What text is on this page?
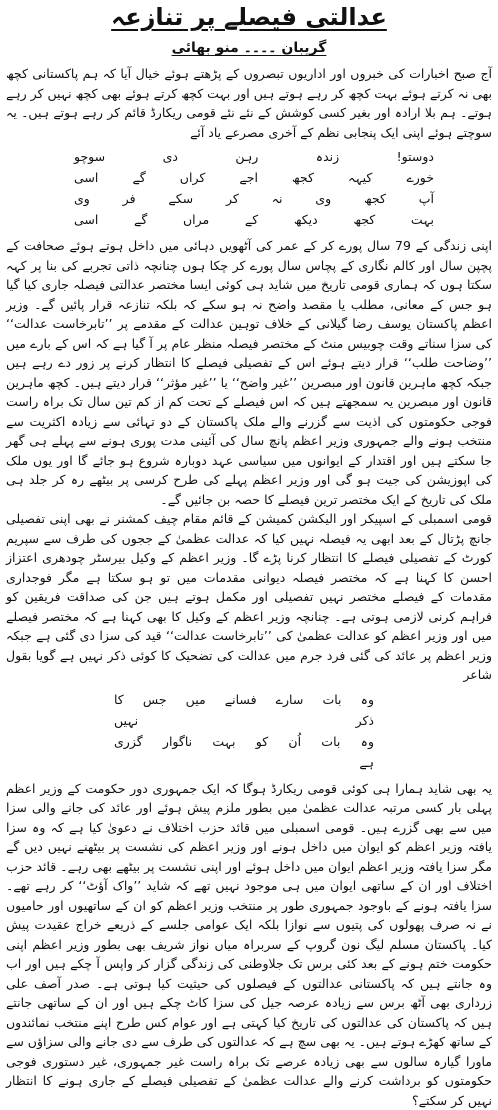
عدالتی فیصلے پر تنازعہ
گریبان ۔۔۔۔ منو بھائی

آج صبح اخبارات کی خبروں اور اداریوں تبصروں کے پڑھتے ہوئے خیال آیا کہ ہم پاکستانی کچھ بھی نہ کرتے ہوئے بہت کچھ کر رہے ہوتے ہیں اور بہت کچھ کرتے ہوئے بھی کچھ نہیں کر رہے ہوتے۔ ہم بلا ارادہ اور بغیر کسی کوشش کے نئے نئے قومی ریکارڈ قائم کر رہے ہوتے ہیں۔ یہ سوچتے ہوئے اپنی ایک پنجابی نظم کے آخری مصرعے یاد آئے

دوستو! زندہ رہن دی سوچو
خورے کیہہ کجھ اجے کراں گے اسی
آپ کجھ وی نہ کر سکے فر وی
بہت کجھ دیکھ کے مراں گے اسی

اپنی زندگی کے 79 سال پورے کر کے عمر کی آٹھویں دہائی میں داخل ہوتے ہوئے صحافت کے پچپن سال اور کالم نگاری کے پچاس سال پورے کر چکا ہوں چنانچہ ذاتی تجربے کی بنا پر کہہ سکتا ہوں کہ ہماری قومی تاریخ میں شاید ہی کوئی ایسا مختصر عدالتی فیصلہ جاری کیا گیا ہو جس کے معانی، مطلب یا مقصد واضح نہ ہو سکے کہ بلکہ تنازعہ قرار پائیں گے۔ وزیر اعظم پاکستان یوسف رضا گیلانی کے خلاف توہین عدالت کے مقدمے پر ’’تابرخاست عدالت‘‘ کی سزا سناتے وقت چوبیس منٹ کے مختصر فیصلہ منظر عام پر آ گیا ہے کہ اس کے بارے میں ’’وضاحت طلب‘‘ قرار دیتے ہوئے اس کے تفصیلی فیصلے کا انتظار کرنے پر زور دے رہے ہیں جبکہ کچھ ماہرین قانون اور مبصرین ’’غیر واضح‘‘ یا ’’غیر مؤثر‘‘ قرار دیتے ہیں۔ کچھ ماہرین قانون اور مبصرین یہ سمجھتے ہیں کہ اس فیصلے کے تحت کم از کم تین سال تک براہ راست فوجی حکومتوں کی اذیت سے گزرنے والے ملک پاکستان کے دو تہائی سے زیادہ اکثریت سے منتخب ہونے والے جمہوری وزیر اعظم پانچ سال کی آئینی مدت پوری ہونے سے پہلے ہی گھر جا سکتے ہیں اور اقتدار کے ایوانوں میں سیاسی عہد دوبارہ شروع ہو جائے گا اور یوں ملک کی اپوزیشن کی جیت ہو گی اور وزیر اعظم پہلے کی طرح کرسی پر بیٹھے رہ کر جلد ہی ملک کی تاریخ کے ایک مختصر ترین فیصلے کا حصہ بن جائیں گے۔

قومی اسمبلی کے اسپیکر اور الیکشن کمیشن کے قائم مقام چیف کمشنر نے بھی اپنی تفصیلی جانچ پڑتال کے بعد ابھی یہ فیصلہ نہیں کیا کہ عدالت عظمیٰ کے ججوں کی طرف سے سپریم کورٹ کے تفصیلی فیصلے کا انتظار کرنا پڑے گا۔ وزیر اعظم کے وکیل بیرسٹر چودھری اعتزاز احسن کا کہنا ہے کہ مختصر فیصلہ دیوانی مقدمات میں تو ہو سکتا ہے مگر فوجداری مقدمات کے فیصلے مختصر نہیں تفصیلی اور مکمل ہوتے ہیں جن کی صداقت فریقین کو فراہم کرنی لازمی ہوتی ہے۔ چنانچہ وزیر اعظم کے وکیل کا بھی کہنا ہے کہ مختصر فیصلے میں اور وزیر اعظم کو عدالت عظمیٰ کی ’’تابرخاست عدالت‘‘ قید کی سزا دی گئی ہے جبکہ وزیر اعظم پر عائد کی گئی فرد جرم میں عدالت کی تضحیک کا کوئی ذکر نہیں ہے گویا بقول شاعر

وہ بات سارے فسانے میں جس کا ذکر نہیں
وہ بات اُن کو بہت ناگوار گزری ہے

یہ بھی شاید ہمارا ہی کوئی قومی ریکارڈ ہوگا کہ ایک جمہوری دور حکومت کے وزیر اعظم پہلی بار کسی مرتبہ عدالت عظمیٰ میں بطور ملزم پیش ہوئے اور عائد کی جانے والی سزا میں سے بھی گزرے ہیں۔ قومی اسمبلی میں قائد حزب اختلاف نے دعویٰ کیا ہے کہ وہ سزا یافتہ وزیر اعظم کو ایوان میں داخل ہونے اور وزیر اعظم کی نشست پر بیٹھنے نہیں دیں گے مگر سزا یافتہ وزیر اعظم ایوان میں داخل ہوئے اور اپنی نشست پر بیٹھے بھی رہے۔ قائد حزب اختلاف اور ان کے ساتھی ایوان میں ہی موجود نہیں تھے کہ شاید ’’واک آؤٹ‘‘ کر رہے تھے۔ سزا یافتہ ہونے کے باوجود جمہوری طور پر منتخب وزیر اعظم کو ان کے ساتھیوں اور حامیوں نے نہ صرف پھولوں کی پتیوں سے نوازا بلکہ ایک عوامی جلسے کے ذریعے خراج عقیدت پیش کیا۔ پاکستان مسلم لیگ نون گروپ کے سربراہ میاں نواز شریف بھی بطور وزیر اعظم اپنی حکومت ختم ہونے کے بعد کئی برس تک جلاوطنی کی زندگی گزار کر واپس آ چکے ہیں اور اب وہ جانتے ہیں کہ پاکستانی عدالتوں کے فیصلوں کی حیثیت کیا ہوتی ہے۔ صدر آصف علی زرداری بھی آٹھ برس سے زیادہ عرصہ جیل کی سزا کاٹ چکے ہیں اور ان کے ساتھی جانتے ہیں کہ پاکستان کی عدالتوں کی تاریخ کیا کہتی ہے اور عوام کس طرح اپنے منتخب نمائندوں کے ساتھ کھڑے ہوتے ہیں۔ یہ بھی سچ ہے کہ عدالتوں کی طرف سے دی جانے والی سزاؤں سے ماورا گیارہ سالوں سے بھی زیادہ عرصے تک براہ راست غیر جمہوری، غیر دستوری فوجی حکومتوں کو برداشت کرنے والے عدالت عظمیٰ کے تفصیلی فیصلے کے جاری ہونے کا انتظار نہیں کر سکتے؟
